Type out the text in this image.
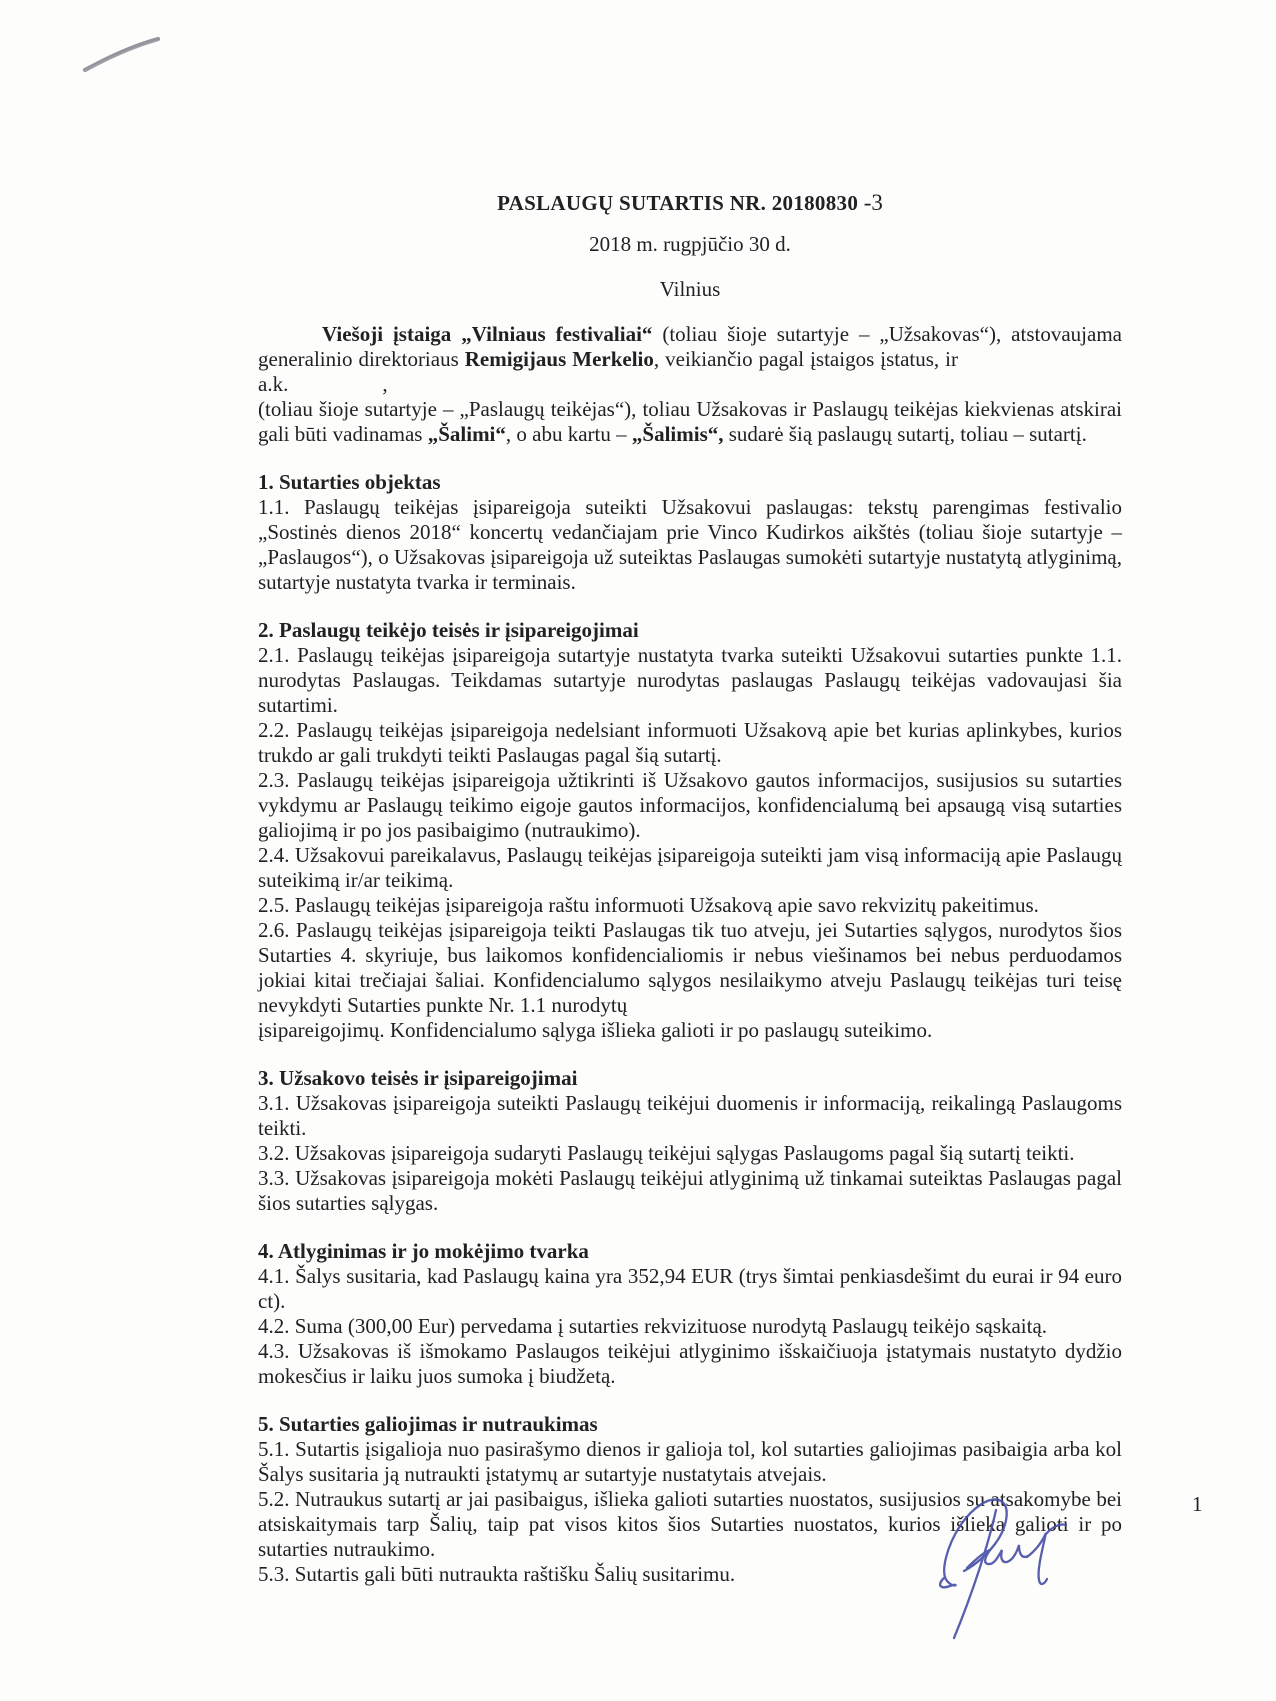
PASLAUGŲ SUTARTIS NR. 20180830 -3
2018 m. rugpjūčio 30 d.
Vilnius

Viešoji įstaiga „Vilniaus festivaliai“ (toliau šioje sutartyje – „Užsakovas“), atstovaujama generalinio direktoriaus Remigijaus Merkelio, veikiančio pagal įstaigos įstatus, ir a.k.	,
(toliau šioje sutartyje – „Paslaugų teikėjas“), toliau Užsakovas ir Paslaugų teikėjas kiekvienas atskirai gali būti vadinamas „Šalimi“, o abu kartu – „Šalimis“, sudarė šią paslaugų sutartį, toliau – sutartį.

1. Sutarties objektas

1.1. Paslaugų teikėjas įsipareigoja suteikti Užsakovui paslaugas: tekstų parengimas festivalio „Sostinės dienos 2018“ koncertų vedančiajam prie Vinco Kudirkos aikštės (toliau šioje sutartyje – „Paslaugos“), o Užsakovas įsipareigoja už suteiktas Paslaugas sumokėti sutartyje nustatytą atlyginimą, sutartyje nustatyta tvarka ir terminais.

2. Paslaugų teikėjo teisės ir įsipareigojimai

2.1. Paslaugų teikėjas įsipareigoja sutartyje nustatyta tvarka suteikti Užsakovui sutarties punkte 1.1. nurodytas Paslaugas. Teikdamas sutartyje nurodytas paslaugas Paslaugų teikėjas vadovaujasi šia sutartimi.

2.2. Paslaugų teikėjas įsipareigoja nedelsiant informuoti Užsakovą apie bet kurias aplinkybes, kurios trukdo ar gali trukdyti teikti Paslaugas pagal šią sutartį.

2.3. Paslaugų teikėjas įsipareigoja užtikrinti iš Užsakovo gautos informacijos, susijusios su sutarties vykdymu ar Paslaugų teikimo eigoje gautos informacijos, konfidencialumą bei apsaugą visą sutarties galiojimą ir po jos pasibaigimo (nutraukimo).

2.4. Užsakovui pareikalavus, Paslaugų teikėjas įsipareigoja suteikti jam visą informaciją apie Paslaugų suteikimą ir/ar teikimą.

2.5. Paslaugų teikėjas įsipareigoja raštu informuoti Užsakovą apie savo rekvizitų pakeitimus.

2.6. Paslaugų teikėjas įsipareigoja teikti Paslaugas tik tuo atveju, jei Sutarties sąlygos, nurodytos šios Sutarties 4. skyriuje, bus laikomos konfidencialiomis ir nebus viešinamos bei nebus perduodamos jokiai kitai trečiajai šaliai. Konfidencialumo sąlygos nesilaikymo atveju Paslaugų teikėjas turi teisę nevykdyti Sutarties punkte Nr. 1.1 nurodytų

įsipareigojimų. Konfidencialumo sąlyga išlieka galioti ir po paslaugų suteikimo.

3. Užsakovo teisės ir įsipareigojimai

3.1. Užsakovas įsipareigoja suteikti Paslaugų teikėjui duomenis ir informaciją, reikalingą Paslaugoms teikti.

3.2. Užsakovas įsipareigoja sudaryti Paslaugų teikėjui sąlygas Paslaugoms pagal šią sutartį teikti.

3.3. Užsakovas įsipareigoja mokėti Paslaugų teikėjui atlyginimą už tinkamai suteiktas Paslaugas pagal šios sutarties sąlygas.

4. Atlyginimas ir jo mokėjimo tvarka

4.1. Šalys susitaria, kad Paslaugų kaina yra 352,94 EUR (trys šimtai penkiasdešimt du eurai ir 94 euro ct).

4.2. Suma (300,00 Eur) pervedama į sutarties rekvizituose nurodytą Paslaugų teikėjo sąskaitą.

4.3. Užsakovas iš išmokamo Paslaugos teikėjui atlyginimo išskaičiuoja įstatymais nustatyto dydžio mokesčius ir laiku juos sumoka į biudžetą.

5. Sutarties galiojimas ir nutraukimas

5.1. Sutartis įsigalioja nuo pasirašymo dienos ir galioja tol, kol sutarties galiojimas pasibaigia arba kol Šalys susitaria ją nutraukti įstatymų ar sutartyje nustatytais atvejais.

5.2. Nutraukus sutartį ar jai pasibaigus, išlieka galioti sutarties nuostatos, susijusios su atsakomybe bei atsiskaitymais tarp Šalių, taip pat visos kitos šios Sutarties nuostatos, kurios išlieka galioti ir po sutarties nutraukimo.

5.3. Sutartis gali būti nutraukta raštišku Šalių susitarimu.

1
